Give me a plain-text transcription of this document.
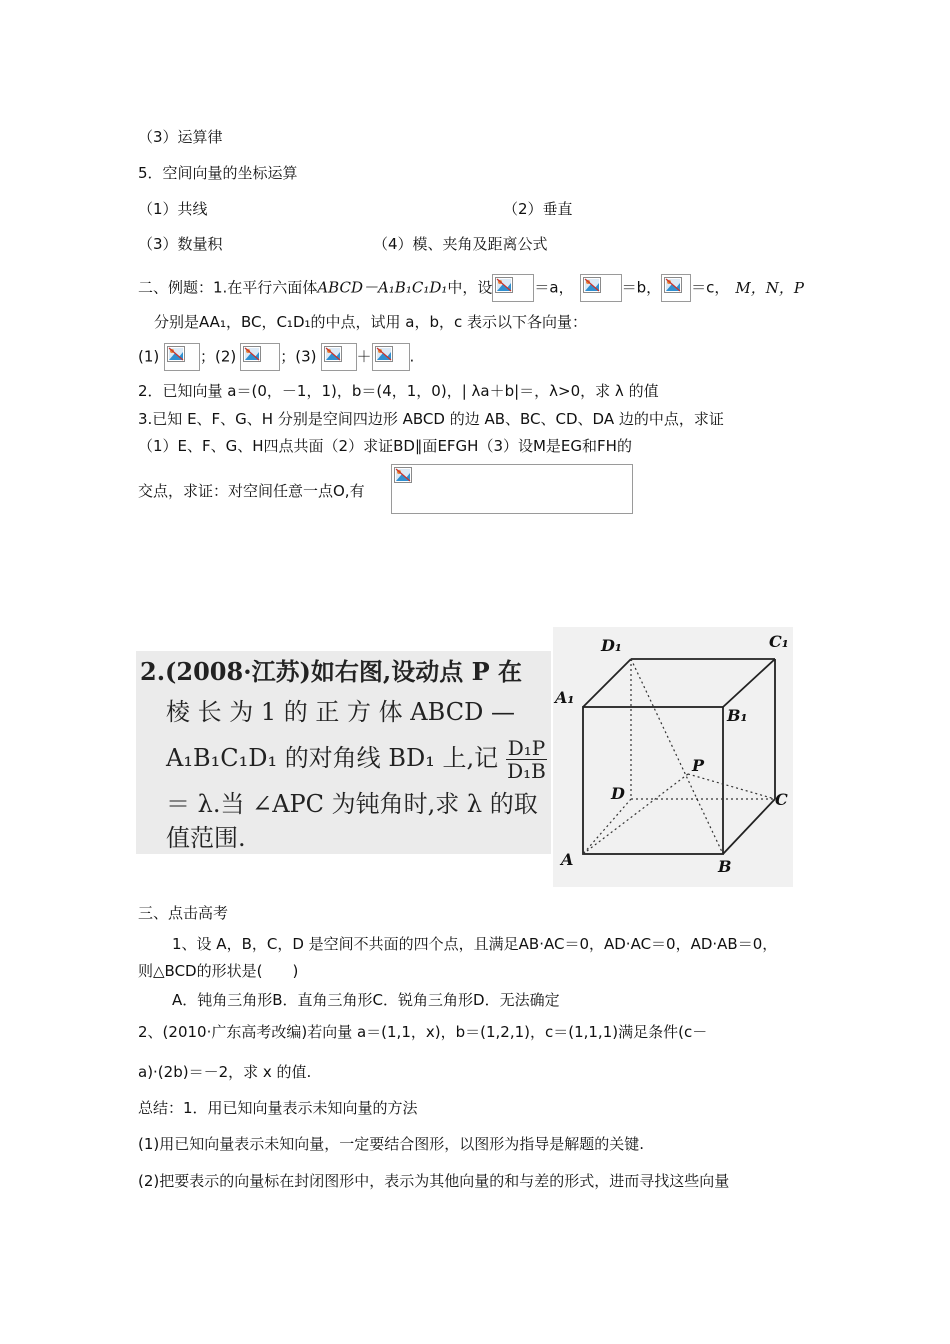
（3）运算律
5．空间向量的坐标运算
（1）共线	（2）垂直
（3）数量积	（4）模、夹角及距离公式
二、例题：1.在平行六面体ABCD－A₁B₁C₁D₁中，设	＝a，	＝b， ＝c， M，N，P
分别是AA₁，BC，C₁D₁的中点，试用 a，b，c 表示以下各向量：
(1)	；(2)	；(3)	＋	.
2．已知向量 a＝(0，－1，1)，b＝(4，1，0)，| λa＋b|＝，λ>0，求 λ 的值
3.已知 E、F、G、H 分别是空间四边形 ABCD 的边 AB、BC、CD、DA 边的中点，求证
（1）E、F、G、H四点共面（2）求证BD∥面EFGH（3）设M是EG和FH的
交点，求证：对空间任意一点O,有
2.(2008·江苏)如右图,设动点 P 在
棱 长 为 1 的 正 方 体 ABCD —
A₁B₁C₁D₁ 的对角线 BD₁ 上,记 $\frac{\text{D₁P}}{\text{D₁B}}$
＝ λ.当 ∠APC 为钝角时,求 λ 的取
值范围.
D₁	C₁
A₁
B₁
P
D	C
A	B
三、点击高考
1、设 A，B，C，D 是空间不共面的四个点，且满足AB·AC＝0，AD·AC＝0，AD·AB＝0，
则△BCD的形状是(　　)
A．钝角三角形B．直角三角形C．锐角三角形D．无法确定
2、(2010·广东高考改编)若向量 a＝(1,1，x)，b＝(1,2,1)，c＝(1,1,1)满足条件(c－
a)·(2b)＝－2，求 x 的值.
总结：1．用已知向量表示未知向量的方法
(1)用已知向量表示未知向量，一定要结合图形，以图形为指导是解题的关键.
(2)把要表示的向量标在封闭图形中，表示为其他向量的和与差的形式，进而寻找这些向量
